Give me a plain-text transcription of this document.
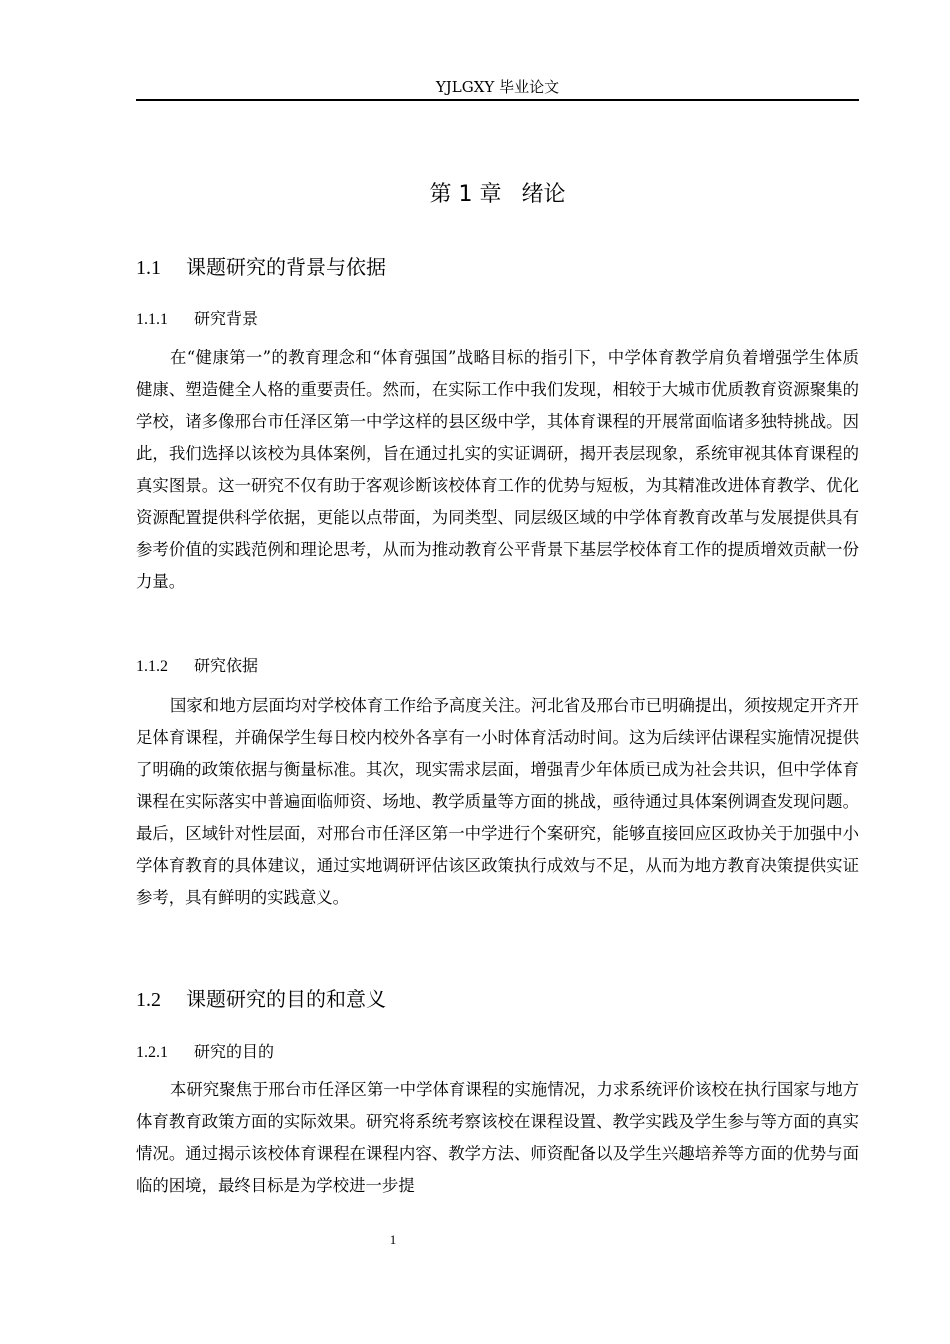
YJLGXY 毕业论文
第 1 章 绪论
1.1 课题研究的背景与依据
1.1.1 研究背景
在“健康第一”的教育理念和“体育强国”战略目标的指引下，中学体育教学肩负着增强学生体质健康、塑造健全人格的重要责任。然而，在实际工作中我们发现，相较于大城市优质教育资源聚集的学校，诸多像邢台市任泽区第一中学这样的县区级中学，其体育课程的开展常面临诸多独特挑战。因此，我们选择以该校为具体案例，旨在通过扎实的实证调研，揭开表层现象，系统审视其体育课程的真实图景。这一研究不仅有助于客观诊断该校体育工作的优势与短板，为其精准改进体育教学、优化资源配置提供科学依据，更能以点带面，为同类型、同层级区域的中学体育教育改革与发展提供具有参考价值的实践范例和理论思考，从而为推动教育公平背景下基层学校体育工作的提质增效贡献一份力量。
1.1.2 研究依据
国家和地方层面均对学校体育工作给予高度关注。河北省及邢台市已明确提出，须按规定开齐开足体育课程，并确保学生每日校内校外各享有一小时体育活动时间。这为后续评估课程实施情况提供了明确的政策依据与衡量标准。其次，现实需求层面，增强青少年体质已成为社会共识，但中学体育课程在实际落实中普遍面临师资、场地、教学质量等方面的挑战，亟待通过具体案例调查发现问题。最后，区域针对性层面，对邢台市任泽区第一中学进行个案研究，能够直接回应区政协关于加强中小学体育教育的具体建议，通过实地调研评估该区政策执行成效与不足，从而为地方教育决策提供实证参考，具有鲜明的实践意义。
1.2 课题研究的目的和意义
1.2.1 研究的目的
本研究聚焦于邢台市任泽区第一中学体育课程的实施情况，力求系统评价该校在执行国家与地方体育教育政策方面的实际效果。研究将系统考察该校在课程设置、教学实践及学生参与等方面的真实情况。通过揭示该校体育课程在课程内容、教学方法、师资配备以及学生兴趣培养等方面的优势与面临的困境，最终目标是为学校进一步提
1
